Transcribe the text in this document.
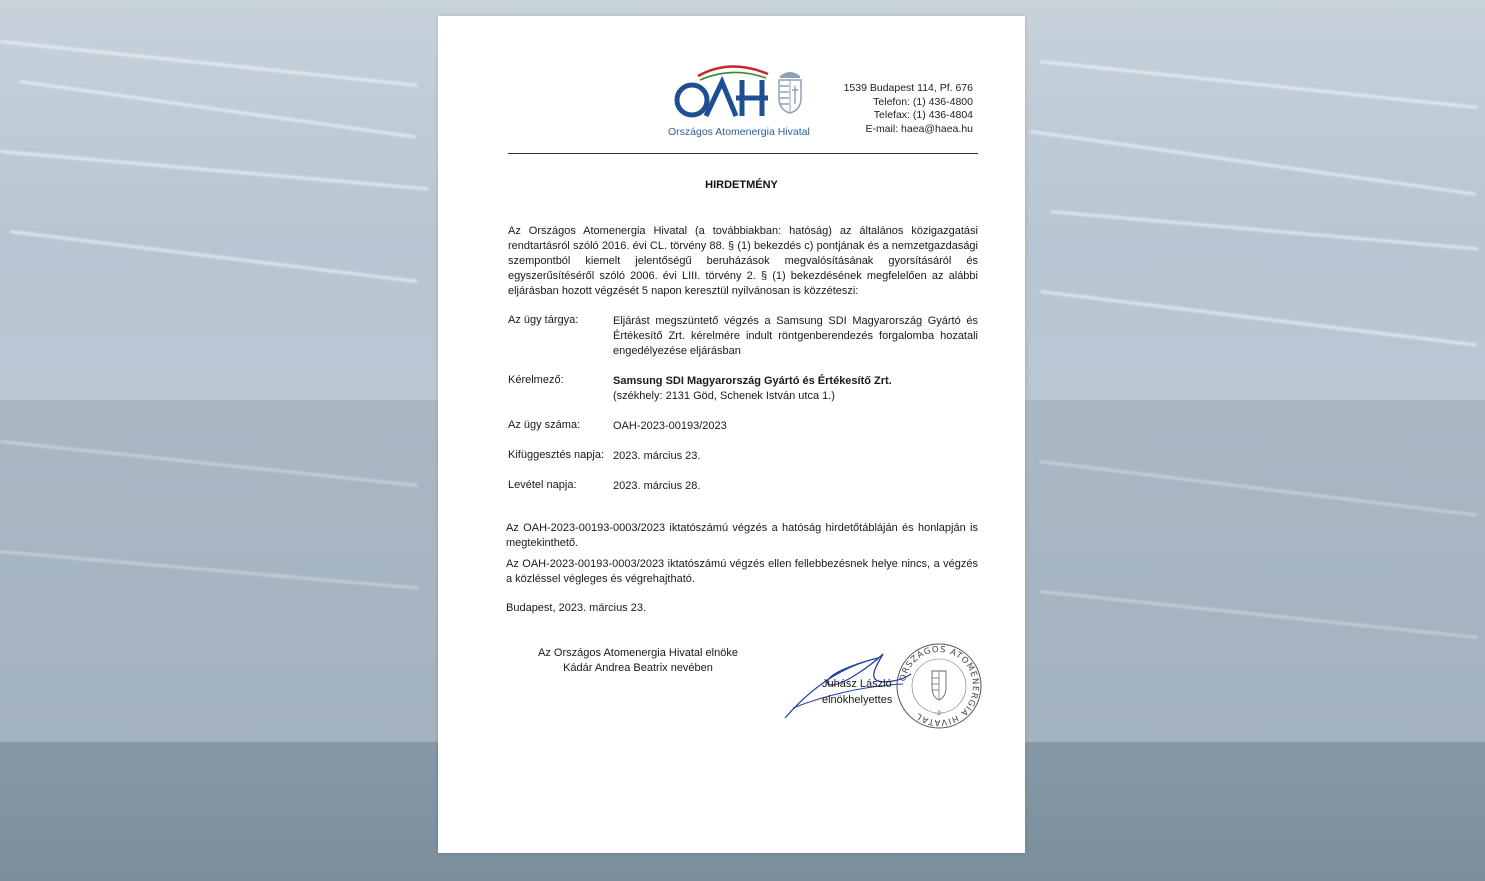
Országos Atomenergia Hivatal
1539 Budapest 114, Pf. 676
Telefon: (1) 436-4800
Telefax: (1) 436-4804
E-mail: haea@haea.hu
HIRDETMÉNY
Az Országos Atomenergia Hivatal (a továbbiakban: hatóság) az általános közigazgatási rendtartásról szóló 2016. évi CL. törvény 88. § (1) bekezdés c) pontjának és a nemzetgazdasági szempontból kiemelt jelentőségű beruházások megvalósításának gyorsításáról és egyszerűsítéséről szóló 2006. évi LIII. törvény 2. § (1) bekezdésének megfelelően az alábbi eljárásban hozott végzését 5 napon keresztül nyilvánosan is közzéteszi:
Az ügy tárgya:	Eljárást megszüntető végzés a Samsung SDI Magyarország Gyártó és Értékesítő Zrt. kérelmére indult röntgenberendezés forgalomba hozatali engedélyezése eljárásban
Kérelmező:	Samsung SDI Magyarország Gyártó és Értékesítő Zrt.
(székhely: 2131 Göd, Schenek István utca 1.)
Az ügy száma:	OAH-2023-00193/2023
Kifüggesztés napja: 2023. március 23.
Levétel napja:	2023. március 28.
Az OAH-2023-00193-0003/2023 iktatószámú végzés a hatóság hirdetőtábláján és honlapján is megtekinthető.
Az OAH-2023-00193-0003/2023 iktatószámú végzés ellen fellebbezésnek helye nincs, a végzés a közléssel végleges és végrehajtható.
Budapest, 2023. március 23.
Az Országos Atomenergia Hivatal elnöke
Kádár Andrea Beatrix nevében
Juhász László
elnökhelyettes
ORSZÁGOS ATOMENERGIA HIVATAL	-2-
